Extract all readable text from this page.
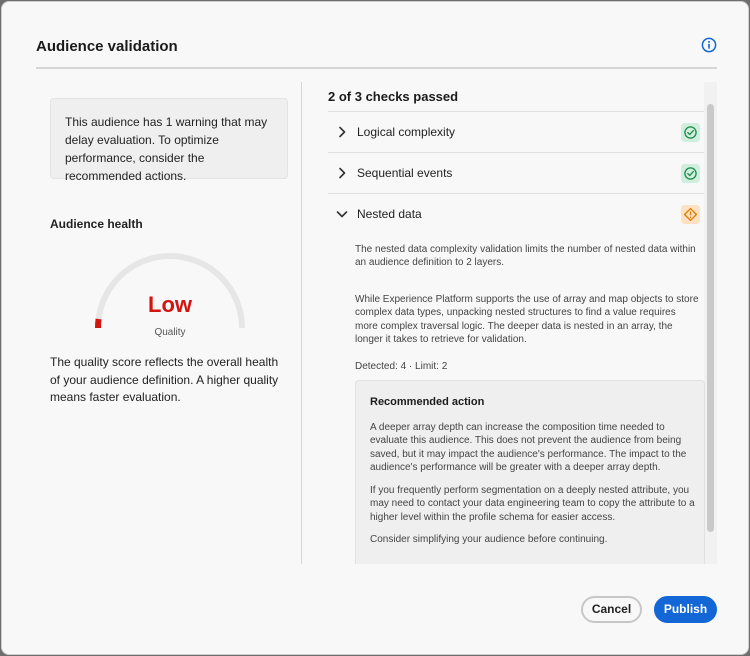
Audience validation
This audience has 1 warning that may delay evaluation. To optimize performance, consider the recommended actions.
Audience health
Low
Quality
The quality score reflects the overall health of your audience definition. A higher quality means faster evaluation.
2 of 3 checks passed
Logical complexity
Sequential events
Nested data
The nested data complexity validation limits the number of nested data within an audience definition to 2 layers.
While Experience Platform supports the use of array and map objects to store complex data types, unpacking nested structures to find a value requires more complex traversal logic. The deeper data is nested in an array, the longer it takes to retrieve for validation.
Detected: 4 · Limit: 2
Recommended action
A deeper array depth can increase the composition time needed to evaluate this audience. This does not prevent the audience from being saved, but it may impact the audience's performance. The impact to the audience's performance will be greater with a deeper array depth.
If you frequently perform segmentation on a deeply nested attribute, you may need to contact your data engineering team to copy the attribute to a higher level within the profile schema for easier access.
Consider simplifying your audience before continuing.
Cancel	Publish
